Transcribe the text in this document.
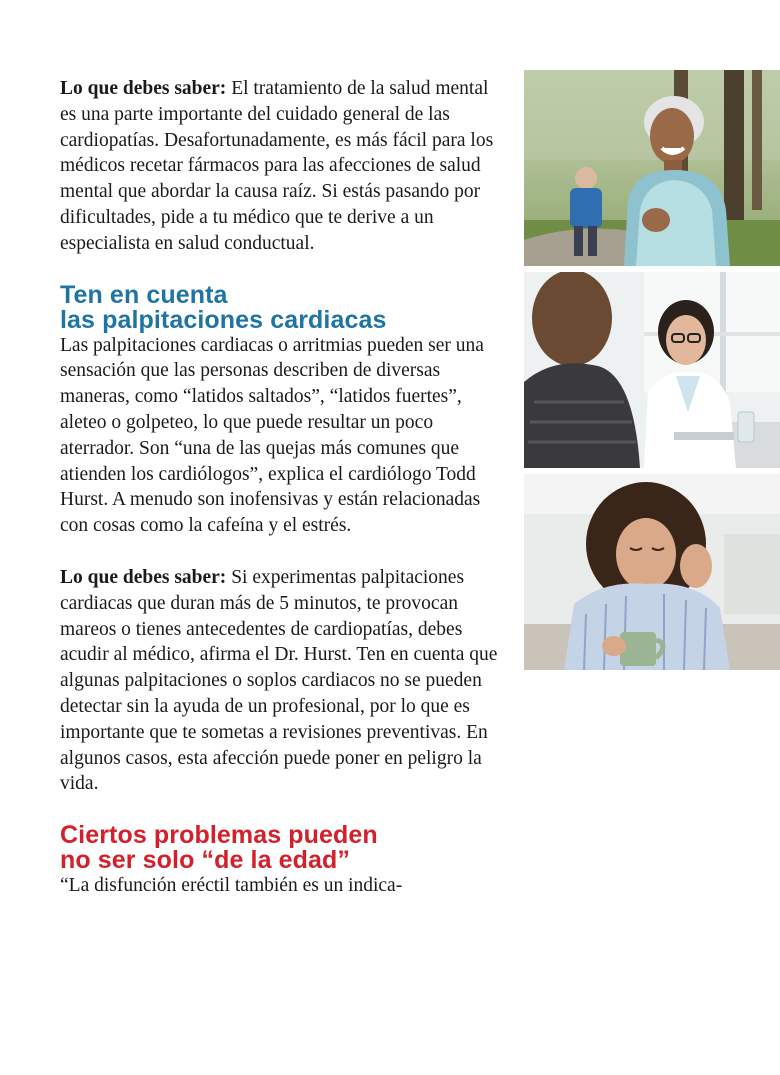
Lo que debes saber: El tratamiento de la salud mental es una parte importante del cuidado general de las cardiopatías. Desafortunadamente, es más fácil para los médicos recetar fármacos para las afecciones de salud mental que abordar la causa raíz. Si estás pasando por dificultades, pide a tu médico que te derive a un especialista en salud conductual.

Ten en cuenta
las palpitaciones cardiacas

Las palpitaciones cardiacas o arritmias pueden ser una sensación que las personas describen de diversas maneras, como “latidos saltados”, “latidos fuertes”, aleteo o golpeteo, lo que puede resultar un poco aterrador. Son “una de las quejas más comunes que atienden los cardiólogos”, explica el cardiólogo Todd Hurst. A menudo son inofensivas y están relacionadas con cosas como la cafeína y el estrés.

Lo que debes saber: Si experimentas palpitaciones cardiacas que duran más de 5 minutos, te provocan mareos o tienes antecedentes de cardiopatías, debes acudir al médico, afirma el Dr. Hurst. Ten en cuenta que algunas palpitaciones o soplos cardiacos no se pueden detectar sin la ayuda de un profesional, por lo que es importante que te sometas a revisiones preventivas. En algunos casos, esta afección puede poner en peligro la vida.

Ciertos problemas pueden
no ser solo “de la edad”

“La disfunción eréctil también es un indica-
